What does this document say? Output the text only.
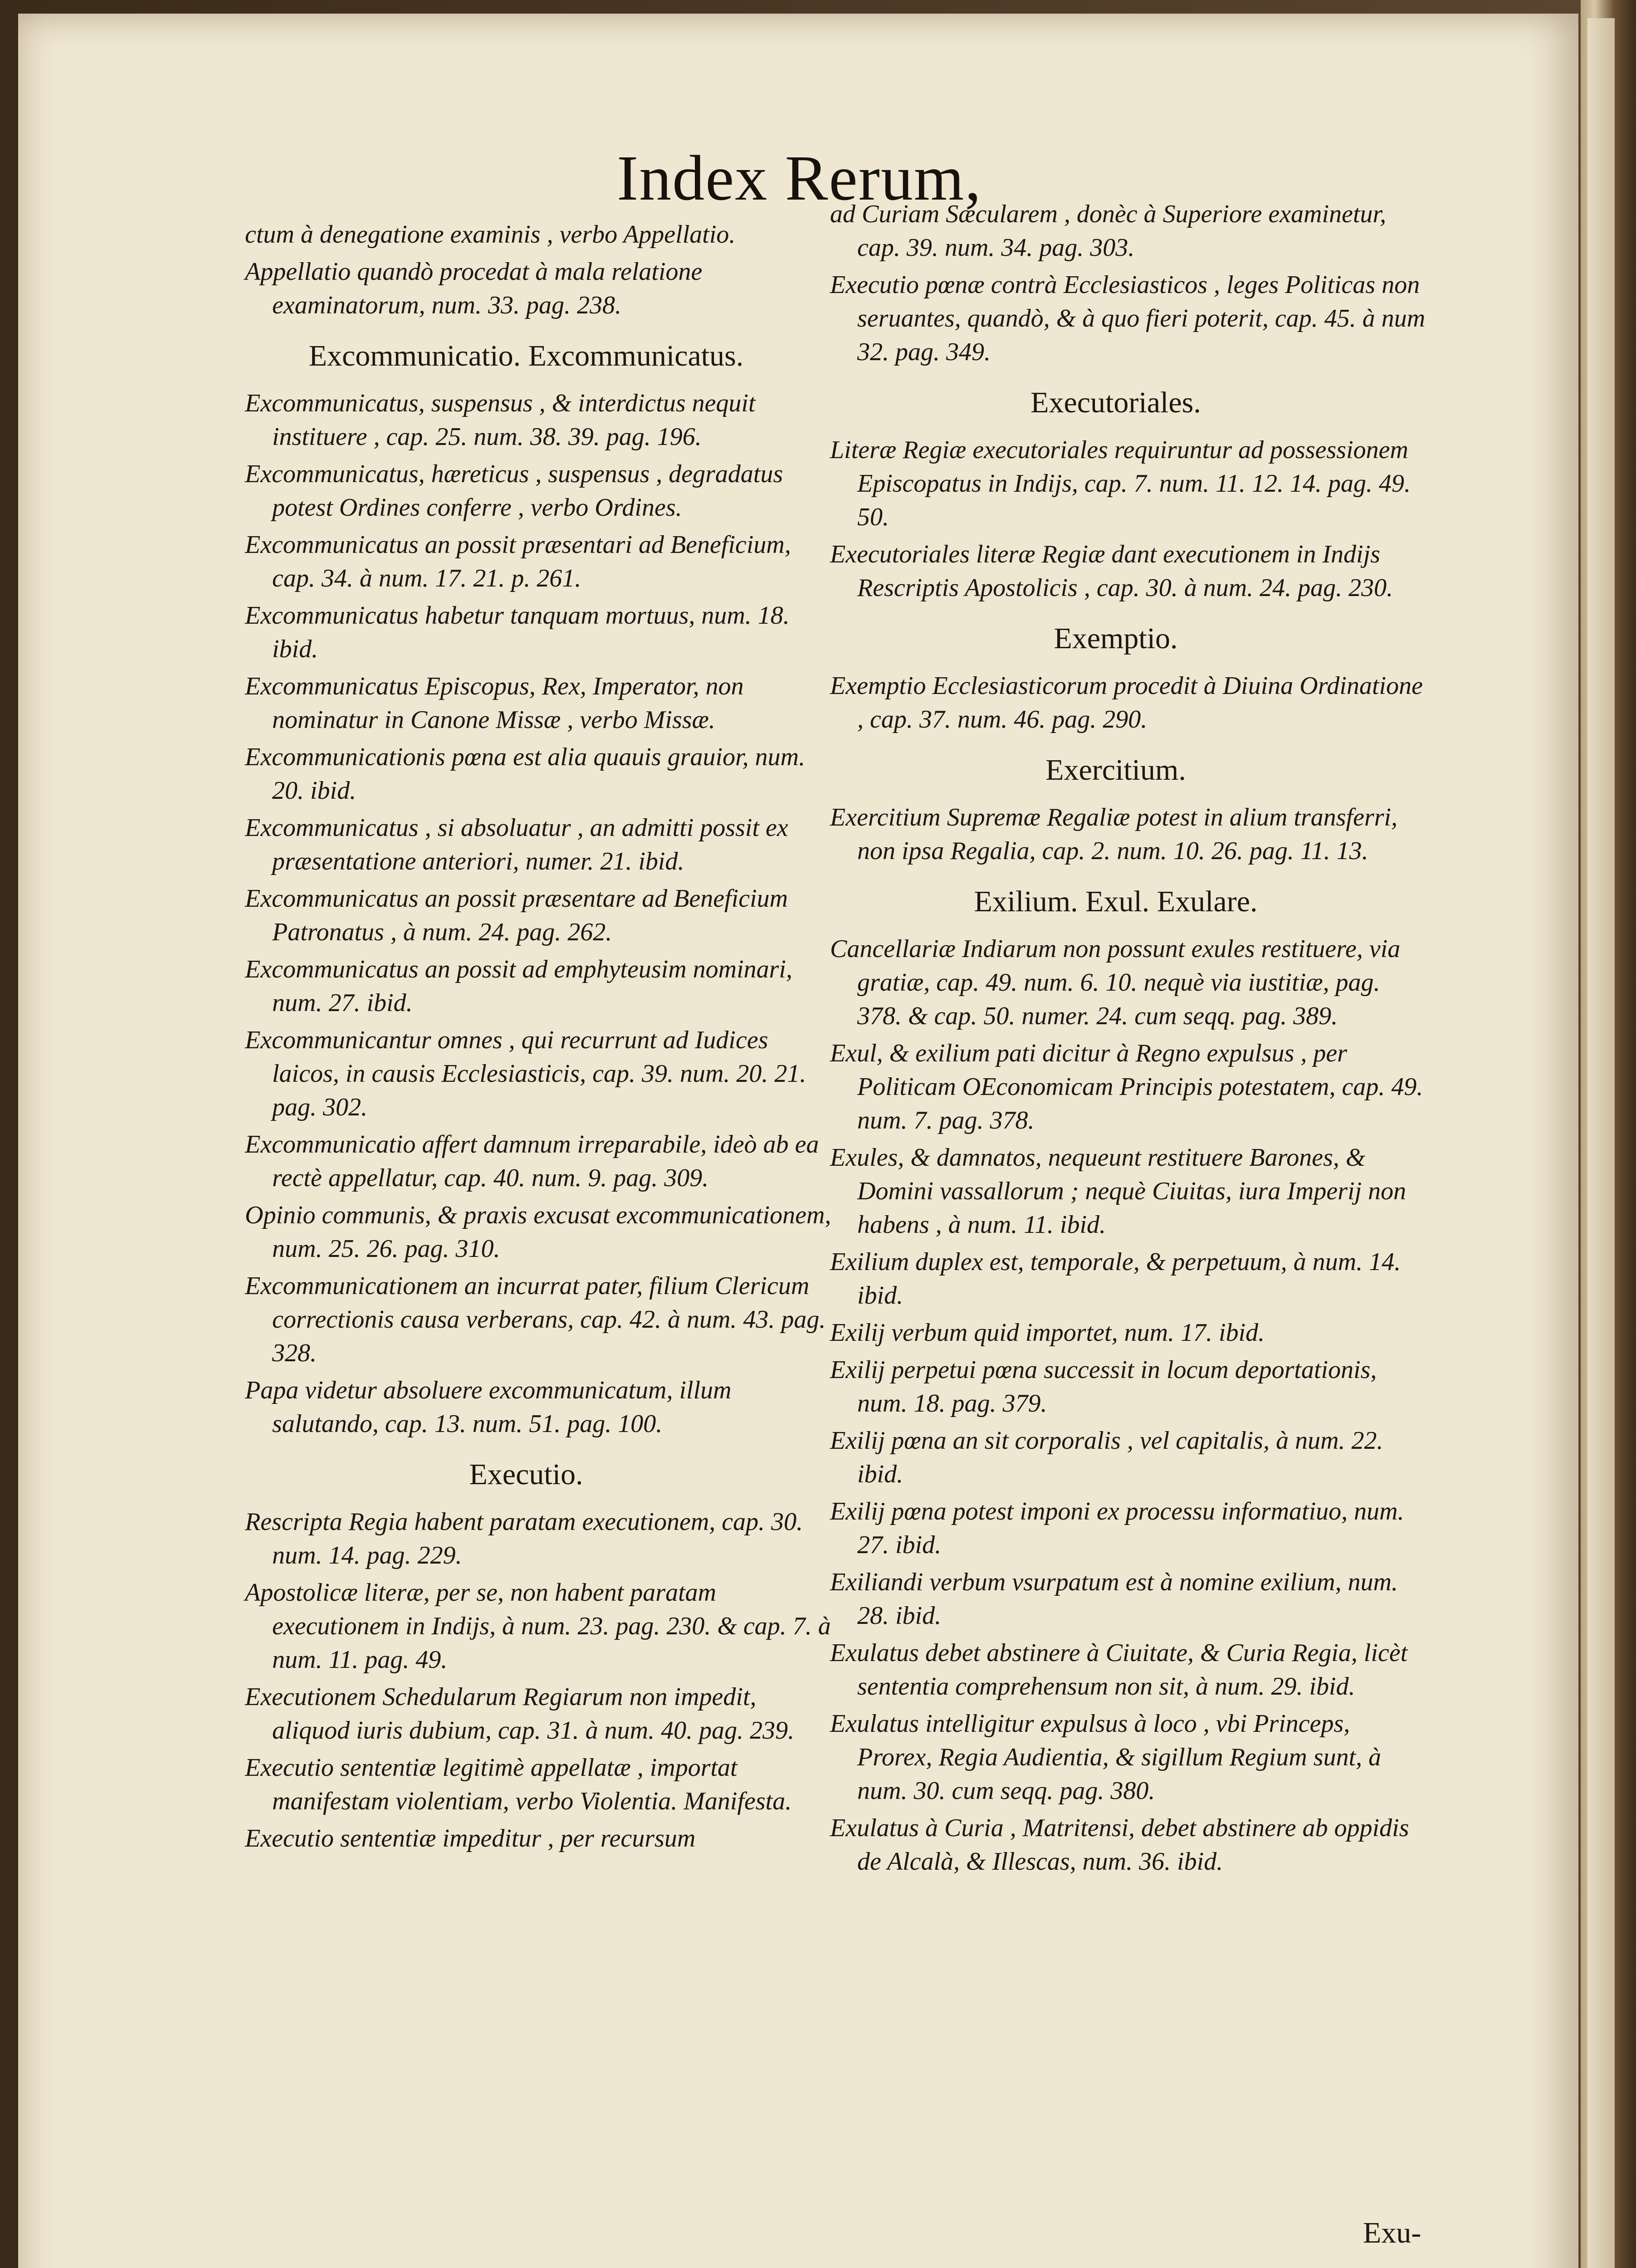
Index Rerum,
ctum à denegatione examinis , verbo Appellatio.
Appellatio quandò procedat à mala relatione examinatorum, num. 33. pag. 238.
Excommunicatio. Excommunicatus.
Excommunicatus, suspensus , & interdictus nequit instituere , cap. 25. num. 38. 39. pag. 196.
Excommunicatus, hæreticus , suspensus , degradatus potest Ordines conferre , verbo Ordines.
Excommunicatus an possit præsentari ad Beneficium, cap. 34. à num. 17. 21. p. 261.
Excommunicatus habetur tanquam mortuus, num. 18. ibid.
Excommunicatus Episcopus, Rex, Imperator, non nominatur in Canone Missæ , verbo Missæ.
Excommunicationis pœna est alia quauis grauior, num. 20. ibid.
Excommunicatus , si absoluatur , an admitti possit ex præsentatione anteriori, numer. 21. ibid.
Excommunicatus an possit præsentare ad Beneficium Patronatus , à num. 24. pag. 262.
Excommunicatus an possit ad emphyteusim nominari, num. 27. ibid.
Excommunicantur omnes , qui recurrunt ad Iudices laicos, in causis Ecclesiasticis, cap. 39. num. 20. 21. pag. 302.
Excommunicatio affert damnum irreparabile, ideò ab ea rectè appellatur, cap. 40. num. 9. pag. 309.
Opinio communis, & praxis excusat excommunicationem, num. 25. 26. pag. 310.
Excommunicationem an incurrat pater, filium Clericum correctionis causa verberans, cap. 42. à num. 43. pag. 328.
Papa videtur absoluere excommunicatum, illum salutando, cap. 13. num. 51. pag. 100.
Executio.
Rescripta Regia habent paratam executionem, cap. 30. num. 14. pag. 229.
Apostolicæ literæ, per se, non habent paratam executionem in Indijs, à num. 23. pag. 230. & cap. 7. à num. 11. pag. 49.
Executionem Schedularum Regiarum non impedit, aliquod iuris dubium, cap. 31. à num. 40. pag. 239.
Executio sententiæ legitimè appellatæ , importat manifestam violentiam, verbo Violentia. Manifesta.
Executio sententiæ impeditur , per recursum
ad Curiam Sæcularem , donèc à Superiore examinetur, cap. 39. num. 34. pag. 303.
Executio pœnæ contrà Ecclesiasticos , leges Politicas non seruantes, quandò, & à quo fieri poterit, cap. 45. à num 32. pag. 349.
Executoriales.
Literæ Regiæ executoriales requiruntur ad possessionem Episcopatus in Indijs, cap. 7. num. 11. 12. 14. pag. 49. 50.
Executoriales literæ Regiæ dant executionem in Indijs Rescriptis Apostolicis , cap. 30. à num. 24. pag. 230.
Exemptio.
Exemptio Ecclesiasticorum procedit à Diuina Ordinatione , cap. 37. num. 46. pag. 290.
Exercitium.
Exercitium Supremæ Regaliæ potest in alium transferri, non ipsa Regalia, cap. 2. num. 10. 26. pag. 11. 13.
Exilium. Exul. Exulare.
Cancellariæ Indiarum non possunt exules restituere, via gratiæ, cap. 49. num. 6. 10. nequè via iustitiæ, pag. 378. & cap. 50. numer. 24. cum seqq. pag. 389.
Exul, & exilium pati dicitur à Regno expulsus , per Politicam OEconomicam Principis potestatem, cap. 49. num. 7. pag. 378.
Exules, & damnatos, nequeunt restituere Barones, & Domini vassallorum ; nequè Ciuitas, iura Imperij non habens , à num. 11. ibid.
Exilium duplex est, temporale, & perpetuum, à num. 14. ibid.
Exilij verbum quid importet, num. 17. ibid.
Exilij perpetui pœna successit in locum deportationis, num. 18. pag. 379.
Exilij pœna an sit corporalis , vel capitalis, à num. 22. ibid.
Exilij pœna potest imponi ex processu informatiuo, num. 27. ibid.
Exiliandi verbum vsurpatum est à nomine exilium, num. 28. ibid.
Exulatus debet abstinere à Ciuitate, & Curia Regia, licèt sententia comprehensum non sit, à num. 29. ibid.
Exulatus intelligitur expulsus à loco , vbi Princeps, Prorex, Regia Audientia, & sigillum Regium sunt, à num. 30. cum seqq. pag. 380.
Exulatus à Curia , Matritensi, debet abstinere ab oppidis de Alcalà, & Illescas, num. 36. ibid.
Exu-
